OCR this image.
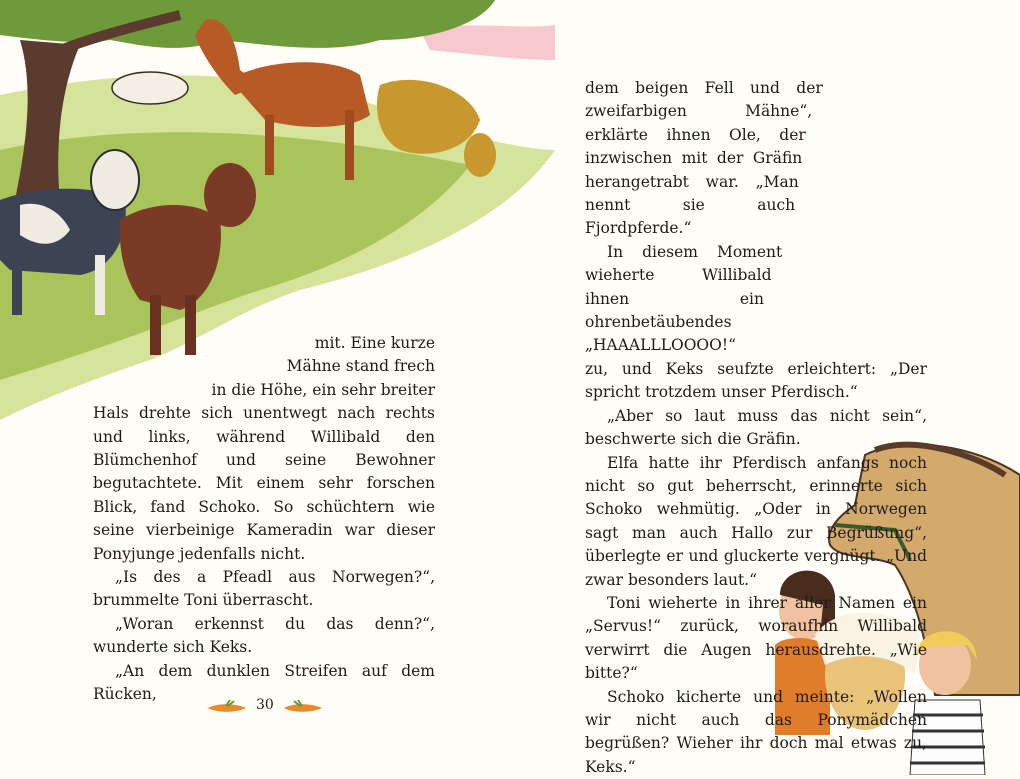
mit. Eine kurze

Mähne stand frech

in die Höhe, ein sehr breiter

Hals drehte sich unentwegt nach rechts und links, während Willibald den Blümchenhof und seine Bewohner begutachtete. Mit einem sehr forschen Blick, fand Schoko. So schüchtern wie seine vierbeinige Kameradin war dieser Ponyjunge jedenfalls nicht.

„Is des a Pfeadl aus Norwegen?“, brummelte Toni überrascht.

„Woran erkennst du das denn?“, wunderte sich Keks.

„An dem dunklen Streifen auf dem Rücken,

30

dem beigen Fell und der zweifarbigen Mähne“, erklärte ihnen Ole, der inzwischen mit der Gräfin herangetrabt war. „Man nennt sie auch Fjordpferde.“

In diesem Moment wieherte Willibald ihnen ein ohrenbetäubendes „HAAALLLOOOO!“ zu, und Keks seufzte erleichtert: „Der spricht trotzdem unser Pferdisch.“

„Aber so laut muss das nicht sein“, beschwerte sich die Gräfin.

Elfa hatte ihr Pferdisch anfangs noch nicht so gut beherrscht, erinnerte sich Schoko wehmütig. „Oder in Norwegen sagt man auch Hallo zur Begrüßung“, überlegte er und gluckerte vergnügt. „Und zwar besonders laut.“

Toni wieherte in ihrer aller Namen ein „Servus!“ zurück, woraufhin Willibald verwirrt die Augen herausdrehte. „Wie bitte?“

Schoko kicherte und meinte: „Wollen wir nicht auch das Ponymädchen begrüßen? Wieher ihr doch mal etwas zu, Keks.“
